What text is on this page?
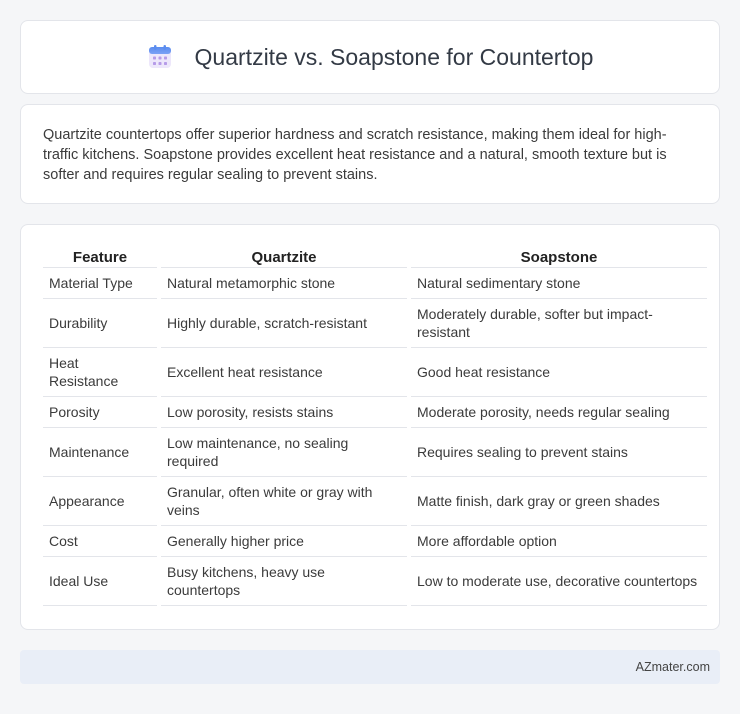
Quartzite vs. Soapstone for Countertop

Quartzite countertops offer superior hardness and scratch resistance, making them ideal for high-traffic kitchens. Soapstone provides excellent heat resistance and a natural, smooth texture but is softer and requires regular sealing to prevent stains.

Feature	Quartzite	Soapstone
Material Type	Natural metamorphic stone	Natural sedimentary stone
Durability	Highly durable, scratch-resistant	Moderately durable, softer but impact-resistant
Heat Resistance	Excellent heat resistance	Good heat resistance
Porosity	Low porosity, resists stains	Moderate porosity, needs regular sealing
Maintenance	Low maintenance, no sealing required	Requires sealing to prevent stains
Appearance	Granular, often white or gray with veins	Matte finish, dark gray or green shades
Cost	Generally higher price	More affordable option
Ideal Use	Busy kitchens, heavy use countertops	Low to moderate use, decorative countertops
AZmater.com
